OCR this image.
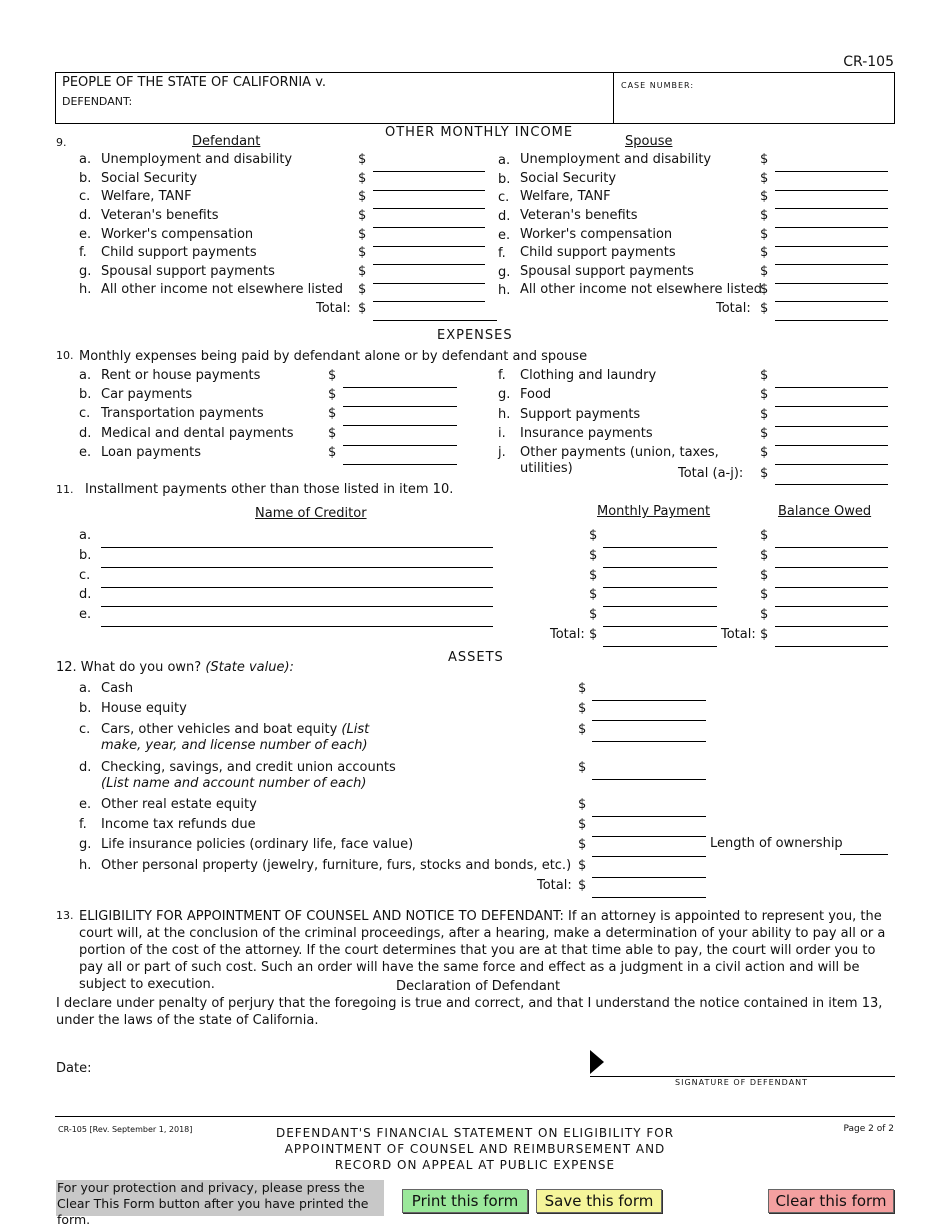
CR-105
PEOPLE OF THE STATE OF CALIFORNIA v.
DEFENDANT:
CASE NUMBER:
9.
OTHER MONTHLY INCOME
Defendant	Spouse
a. Unemployment and disability	$	a. Unemployment and disability	$
b. Social Security	$	b. Social Security	$
c. Welfare, TANF	$	c. Welfare, TANF	$
d. Veteran's benefits	$	d. Veteran's benefits	$
e. Worker's compensation	$	e. Worker's compensation	$
f. Child support payments	$	f. Child support payments	$
g. Spousal support payments	$	g. Spousal support payments	$
h. All other income not elsewhere listed $	h. All other income not elsewhere listed
$
Total: $	Total: $
EXPENSES
10. Monthly expenses being paid by defendant alone or by defendant and spouse
a. Rent or house payments	$
b. Car payments	$
c. Transportation payments	$
d. Medical and dental payments	$
e. Loan payments	$
f. Clothing and laundry	$
g. Food	$
h. Support payments	$
i. Insurance payments	$
j. Other payments (union, taxes, utilities)
$
Total (a-j): $
11. Installment payments other than those listed in item 10.
Name of Creditor	Monthly Payment	Balance Owed
a.	$	$
b.	$	$
c.	$	$
d.	$	$
e.	$	$
Total: $	Total: $
ASSETS
12. What do you own? (State value):
a. Cash	$
b. House equity	$
c. Cars, other vehicles and boat equity (List
make, year, and license number of each)
$
d. Checking, savings, and credit union accounts
(List name and account number of each)
$
e. Other real estate equity	$
f. Income tax refunds due	$
g. Life insurance policies (ordinary life, face value)	$
h. Other personal property (jewelry, furniture, furs, stocks and bonds, etc.) $
Length of ownership
Total: $
13. ELIGIBILITY FOR APPOINTMENT OF COUNSEL AND NOTICE TO DEFENDANT: If an attorney is appointed to represent you, the court will, at the conclusion of the criminal proceedings, after a hearing, make a determination of your ability to pay all or a portion of the cost of the attorney. If the court determines that you are at that time able to pay, the court will order you to pay all or part of such cost. Such an order will have the same force and effect as a judgment in a civil action and will be subject to execution.	Declaration of Defendant
I declare under penalty of perjury that the foregoing is true and correct, and that I understand the notice contained in item 13, under the laws of the state of California.
Date:
SIGNATURE OF DEFENDANT
CR-105 [Rev. September 1, 2018]	DEFENDANT'S FINANCIAL STATEMENT ON ELIGIBILITY FOR
APPOINTMENT OF COUNSEL AND REIMBURSEMENT AND
RECORD ON APPEAL AT PUBLIC EXPENSE
Page 2 of 2
For your protection and privacy, please press the Clear This Form button after you have printed the form.
Print this form	Save this form	Clear this form
